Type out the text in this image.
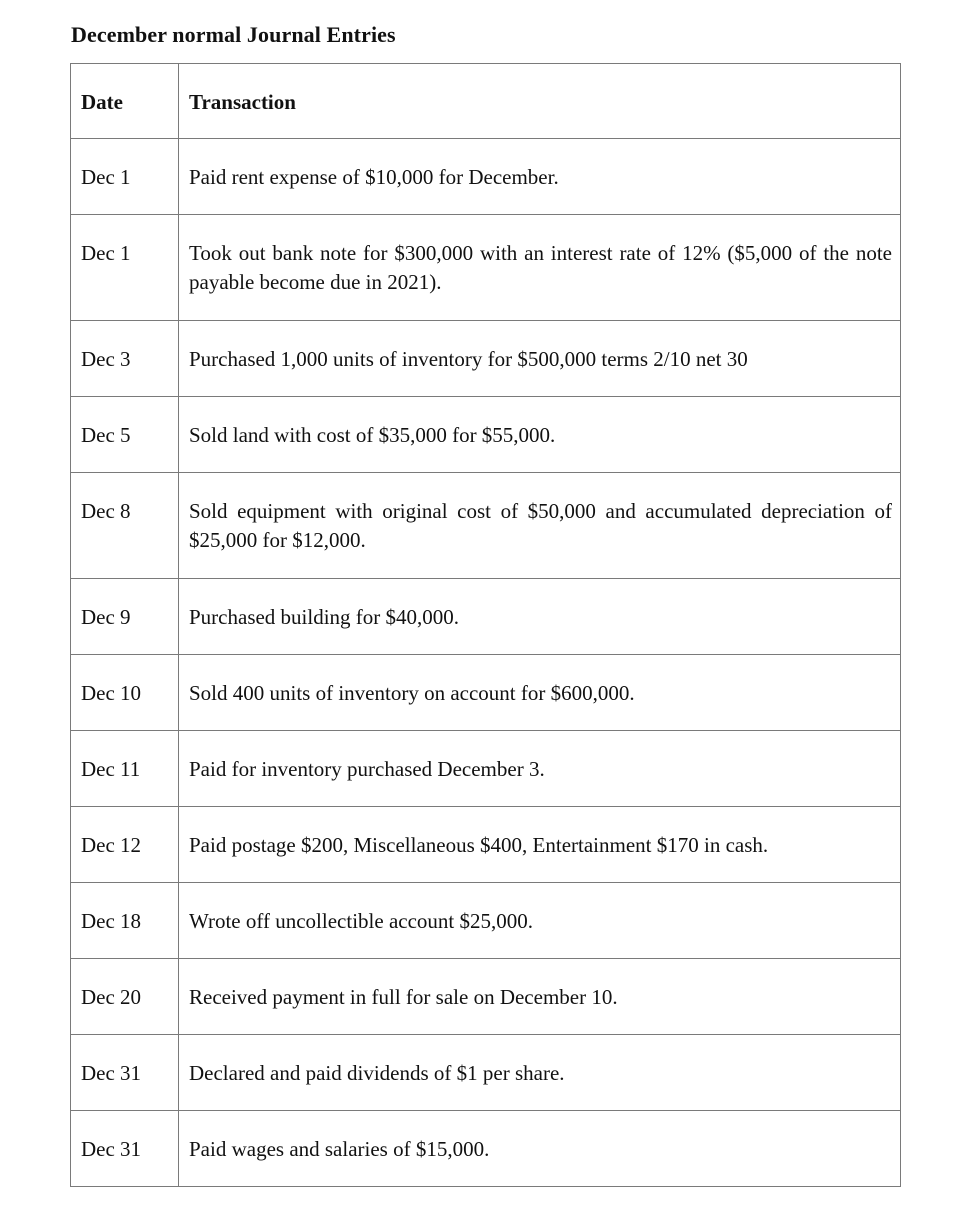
December normal Journal Entries
Date	Transaction
Dec 1	Paid rent expense of $10,000 for December.
Dec 1	Took out bank note for $300,000 with an interest rate of 12% ($5,000 of the note payable become due in 2021).
Dec 3	Purchased 1,000 units of inventory for $500,000 terms 2/10 net 30
Dec 5	Sold land with cost of $35,000 for $55,000.
Dec 8	Sold equipment with original cost of $50,000 and accumulated depreciation of $25,000 for $12,000.
Dec 9	Purchased building for $40,000.
Dec 10	Sold 400 units of inventory on account for $600,000.
Dec 11	Paid for inventory purchased December 3.
Dec 12	Paid postage $200, Miscellaneous $400, Entertainment $170 in cash.
Dec 18	Wrote off uncollectible account $25,000.
Dec 20	Received payment in full for sale on December 10.
Dec 31	Declared and paid dividends of $1 per share.
Dec 31	Paid wages and salaries of $15,000.
